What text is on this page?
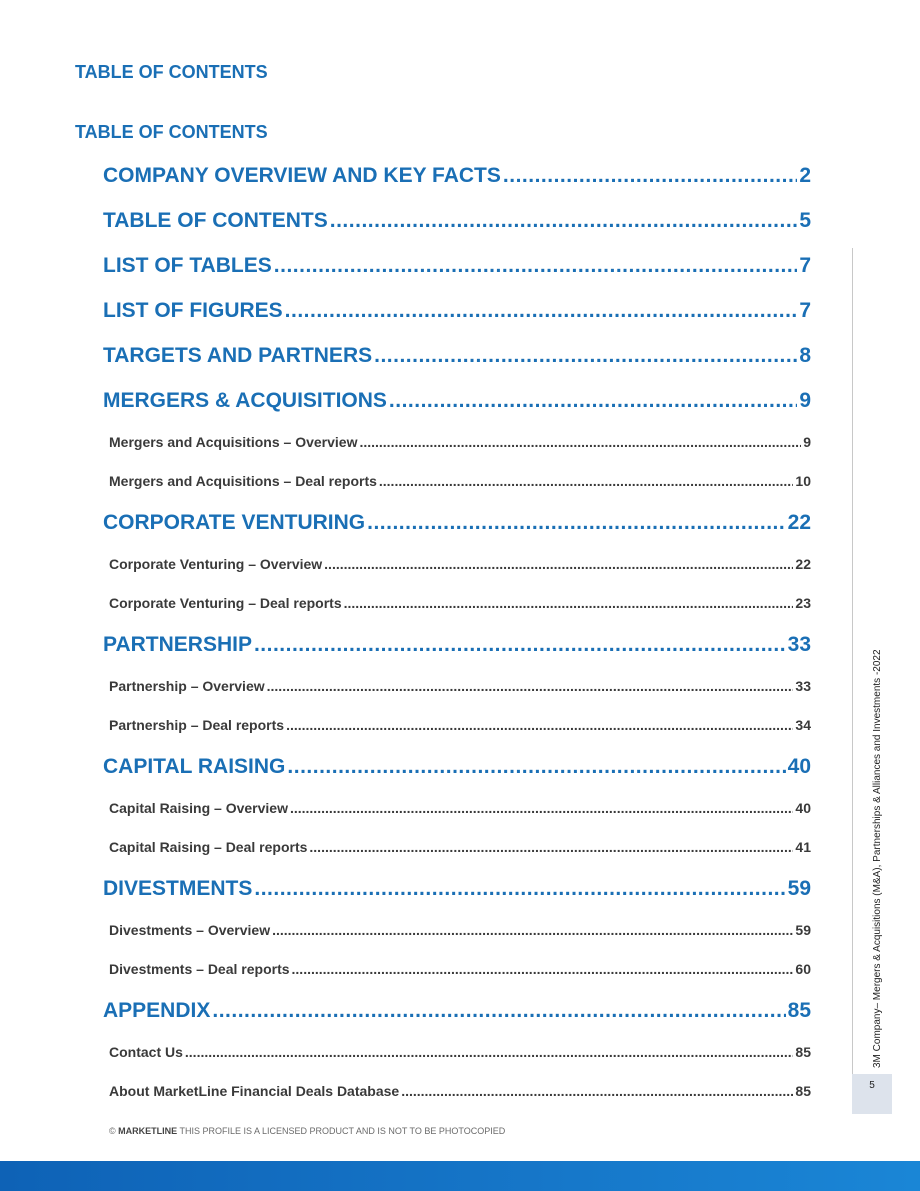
TABLE OF CONTENTS
TABLE OF CONTENTS
COMPANY OVERVIEW AND KEY FACTS .....	2
TABLE OF CONTENTS .....	5
LIST OF TABLES .....	7
LIST OF FIGURES .....	7
TARGETS AND PARTNERS .....	8
MERGERS & ACQUISITIONS .....	9
Mergers and Acquisitions – Overview .....	9
Mergers and Acquisitions – Deal reports .....	10
CORPORATE VENTURING .....	22
Corporate Venturing – Overview .....	22
Corporate Venturing – Deal reports .....	23
PARTNERSHIP .....	33
Partnership – Overview .....	33
Partnership – Deal reports .....	34
CAPITAL RAISING .....	40
Capital Raising – Overview .....	40
Capital Raising – Deal reports .....	41
DIVESTMENTS .....	59
Divestments – Overview .....	59
Divestments – Deal reports .....	60
APPENDIX .....	85
Contact Us .....	85
About MarketLine Financial Deals Database .....	85
3M Company– Mergers & Acquisitions (M&A), Partnerships & Alliances and Investments -2022
5
© MARKETLINE THIS PROFILE IS A LICENSED PRODUCT AND IS NOT TO BE PHOTOCOPIED
